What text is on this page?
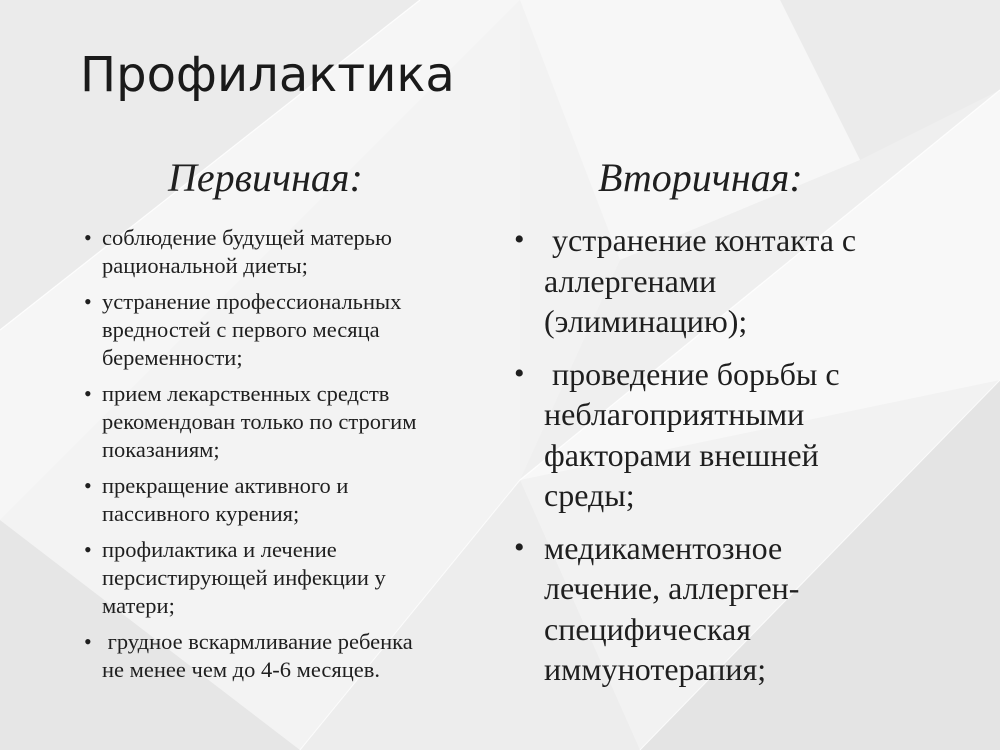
Профилактика
Первичная:	Вторичная:
• соблюдение будущей матерью
рациональной диеты;
• устранение профессиональных
вредностей с первого месяца
беременности;
• прием лекарственных средств
рекомендован только по строгим
показаниям;
• прекращение активного и
пассивного курения;
• профилактика и лечение
персистирующей инфекции у
матери;
• грудное вскармливание ребенка
не менее чем до 4-6 месяцев.
• устранение контакта с
аллергенами
(элиминацию);
• проведение борьбы с
неблагоприятными
факторами внешней
среды;
• медикаментозное
лечение, аллерген-
специфическая
иммунотерапия;
